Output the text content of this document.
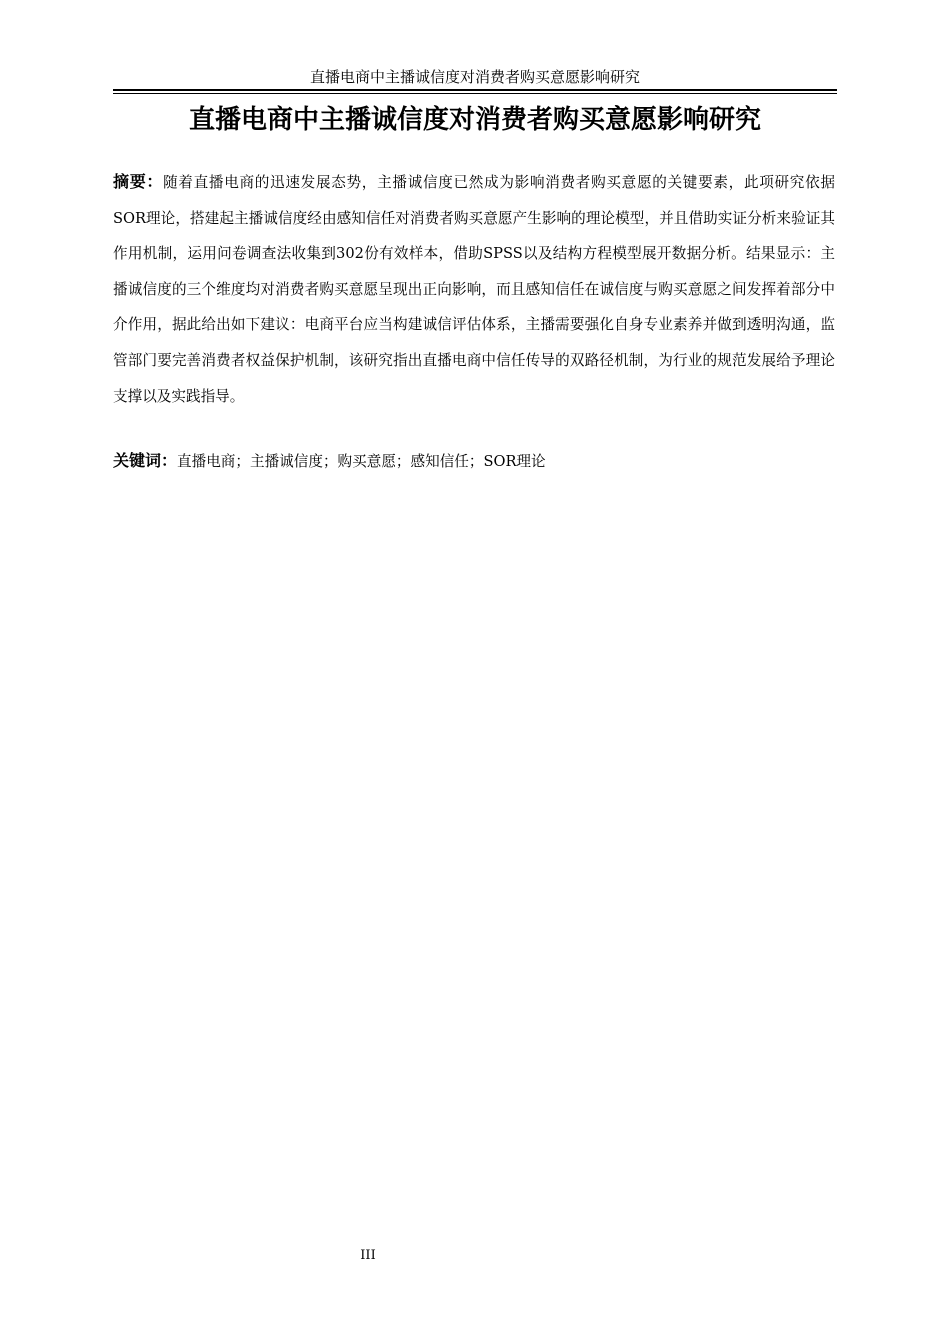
直播电商中主播诚信度对消费者购买意愿影响研究
直播电商中主播诚信度对消费者购买意愿影响研究

摘要：随着直播电商的迅速发展态势，主播诚信度已然成为影响消费者购买意愿的关键要素，此项研究依据SOR理论，搭建起主播诚信度经由感知信任对消费者购买意愿产生影响的理论模型，并且借助实证分析来验证其作用机制，运用问卷调查法收集到302份有效样本，借助SPSS以及结构方程模型展开数据分析。结果显示：主播诚信度的三个维度均对消费者购买意愿呈现出正向影响，而且感知信任在诚信度与购买意愿之间发挥着部分中介作用，据此给出如下建议：电商平台应当构建诚信评估体系，主播需要强化自身专业素养并做到透明沟通，监管部门要完善消费者权益保护机制，该研究指出直播电商中信任传导的双路径机制，为行业的规范发展给予理论支撑以及实践指导。

关键词：直播电商；主播诚信度；购买意愿；感知信任；SOR理论

III
